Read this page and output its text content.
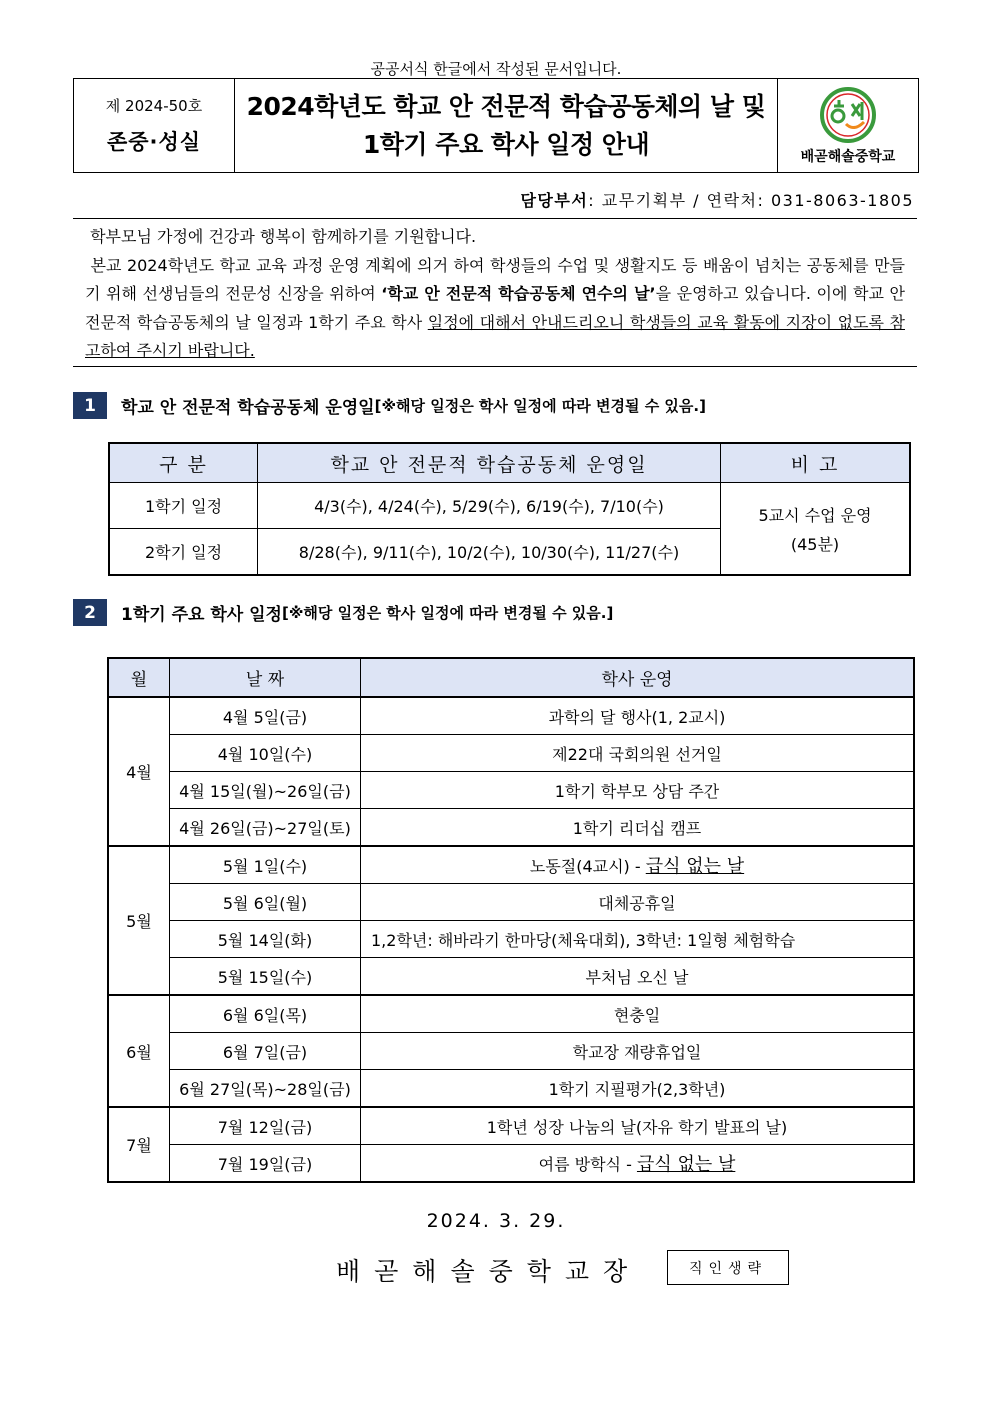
공공서식 한글에서 작성된 문서입니다.
제 2024-50호
존중·성실
2024학년도 학교 안 전문적 학습공동체의 날 및
1학기 주요 학사 일정 안내	배곧해솔중학교
담당부서: 교무기획부 / 연락처: 031-8063-1805

학부모님 가정에 건강과 행복이 함께하기를 기원합니다.

본교 2024학년도 학교 교육 과정 운영 계획에 의거 하여 학생들의 수업 및 생활지도 등 배움이 넘치는 공동체를 만들기 위해 선생님들의 전문성 신장을 위하여 ‘학교 안 전문적 학습공동체 연수의 날’을 운영하고 있습니다. 이에 학교 안 전문적 학습공동체의 날 일정과 1학기 주요 학사 일정에 대해서 안내드리오니 학생들의 교육 활동에 지장이 없도록 참고하여 주시기 바랍니다.

1	학교 안 전문적 학습공동체 운영일 [※해당 일정은 학사 일정에 따라 변경될 수 있음.]
구 분	학교 안 전문적 학습공동체 운영일	비 고
1학기 일정	4/3(수), 4/24(수), 5/29(수), 6/19(수), 7/10(수)	5교시 수업 운영
(45분)

2학기 일정	8/28(수), 9/11(수), 10/2(수), 10/30(수), 11/27(수)	
2	1학기 주요 학사 일정 [※해당 일정은 학사 일정에 따라 변경될 수 있음.]
월	날 짜	학사 운영
4월	4월 5일(금)	과학의 달 행사(1, 2교시)
	4월 10일(수)	제22대 국회의원 선거일
	4월 15일(월)~26일(금)	1학기 학부모 상담 주간
	4월 26일(금)~27일(토)	1학기 리더십 캠프
5월	5월 1일(수)	노동절(4교시) - 급식 없는 날
	5월 6일(월)	대체공휴일
	5월 14일(화)	1,2학년: 해바라기 한마당(체육대회), 3학년: 1일형 체험학습
	5월 15일(수)	부처님 오신 날
6월	6월 6일(목)	현충일
	6월 7일(금)	학교장 재량휴업일
	6월 27일(목)~28일(금)	1학기 지필평가(2,3학년)
7월	7월 12일(금)	1학년 성장 나눔의 날(자유 학기 발표의 날)
	7월 19일(금)	여름 방학식 - 급식 없는 날
2024. 3. 29.
배곧해솔중학교장	직인생략
